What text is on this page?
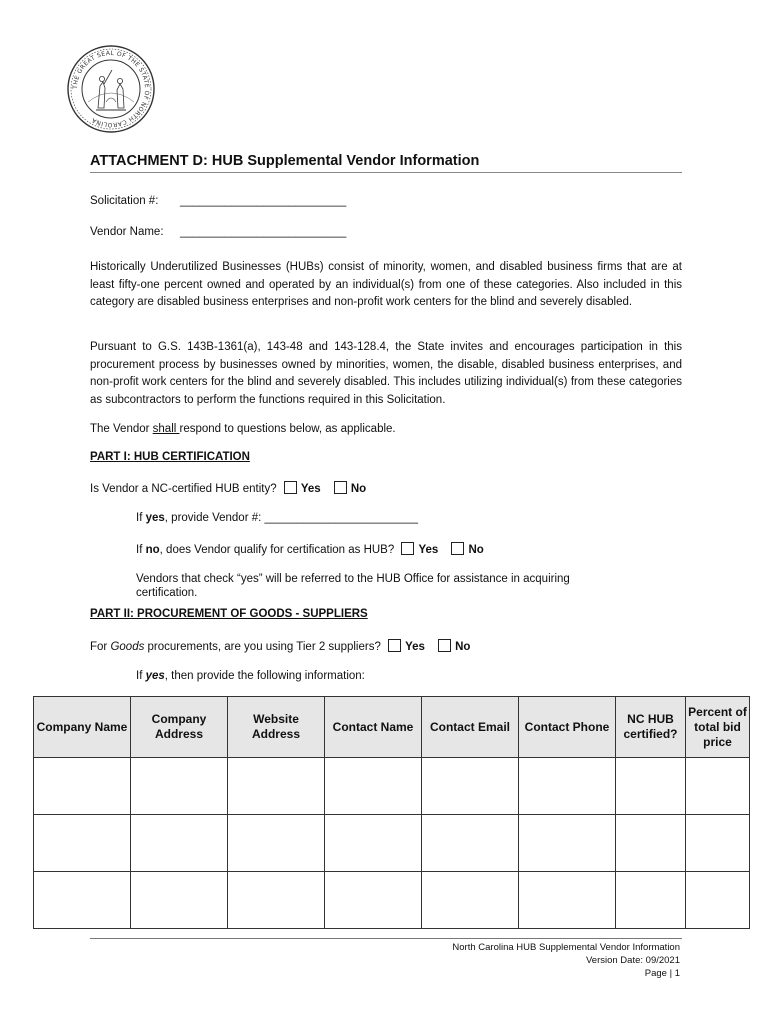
THE GREAT SEAL OF THE STATE OF NORTH CAROLINA
ATTACHMENT D: HUB Supplemental Vendor Information
Solicitation #: __________________________
Vendor Name: __________________________
Historically Underutilized Businesses (HUBs) consist of minority, women, and disabled business firms that are at least fifty-one percent owned and operated by an individual(s) from one of these categories. Also included in this category are disabled business enterprises and non-profit work centers for the blind and severely disabled.
Pursuant to G.S. 143B-1361(a), 143-48 and 143-128.4, the State invites and encourages participation in this procurement process by businesses owned by minorities, women, the disable, disabled business enterprises, and non-profit work centers for the blind and severely disabled. This includes utilizing individual(s) from these categories as subcontractors to perform the functions required in this Solicitation.
The Vendor shall respond to questions below, as applicable.
PART I: HUB CERTIFICATION
Is Vendor a NC-certified HUB entity? Yes	No
If yes, provide Vendor #: ________________________
If no, does Vendor qualify for certification as HUB? Yes	No
Vendors that check “yes” will be referred to the HUB Office for assistance in acquiring certification.
PART II: PROCUREMENT OF GOODS - SUPPLIERS
For Goods procurements, are you using Tier 2 suppliers? Yes	No
If yes, then provide the following information:
Company Name	Company Address	Website Address	Contact Name	Contact Email	Contact Phone	NC HUB certified?	Percent of total bid price

North Carolina HUB Supplemental Vendor Information
Version Date: 09/2021
Page | 1
